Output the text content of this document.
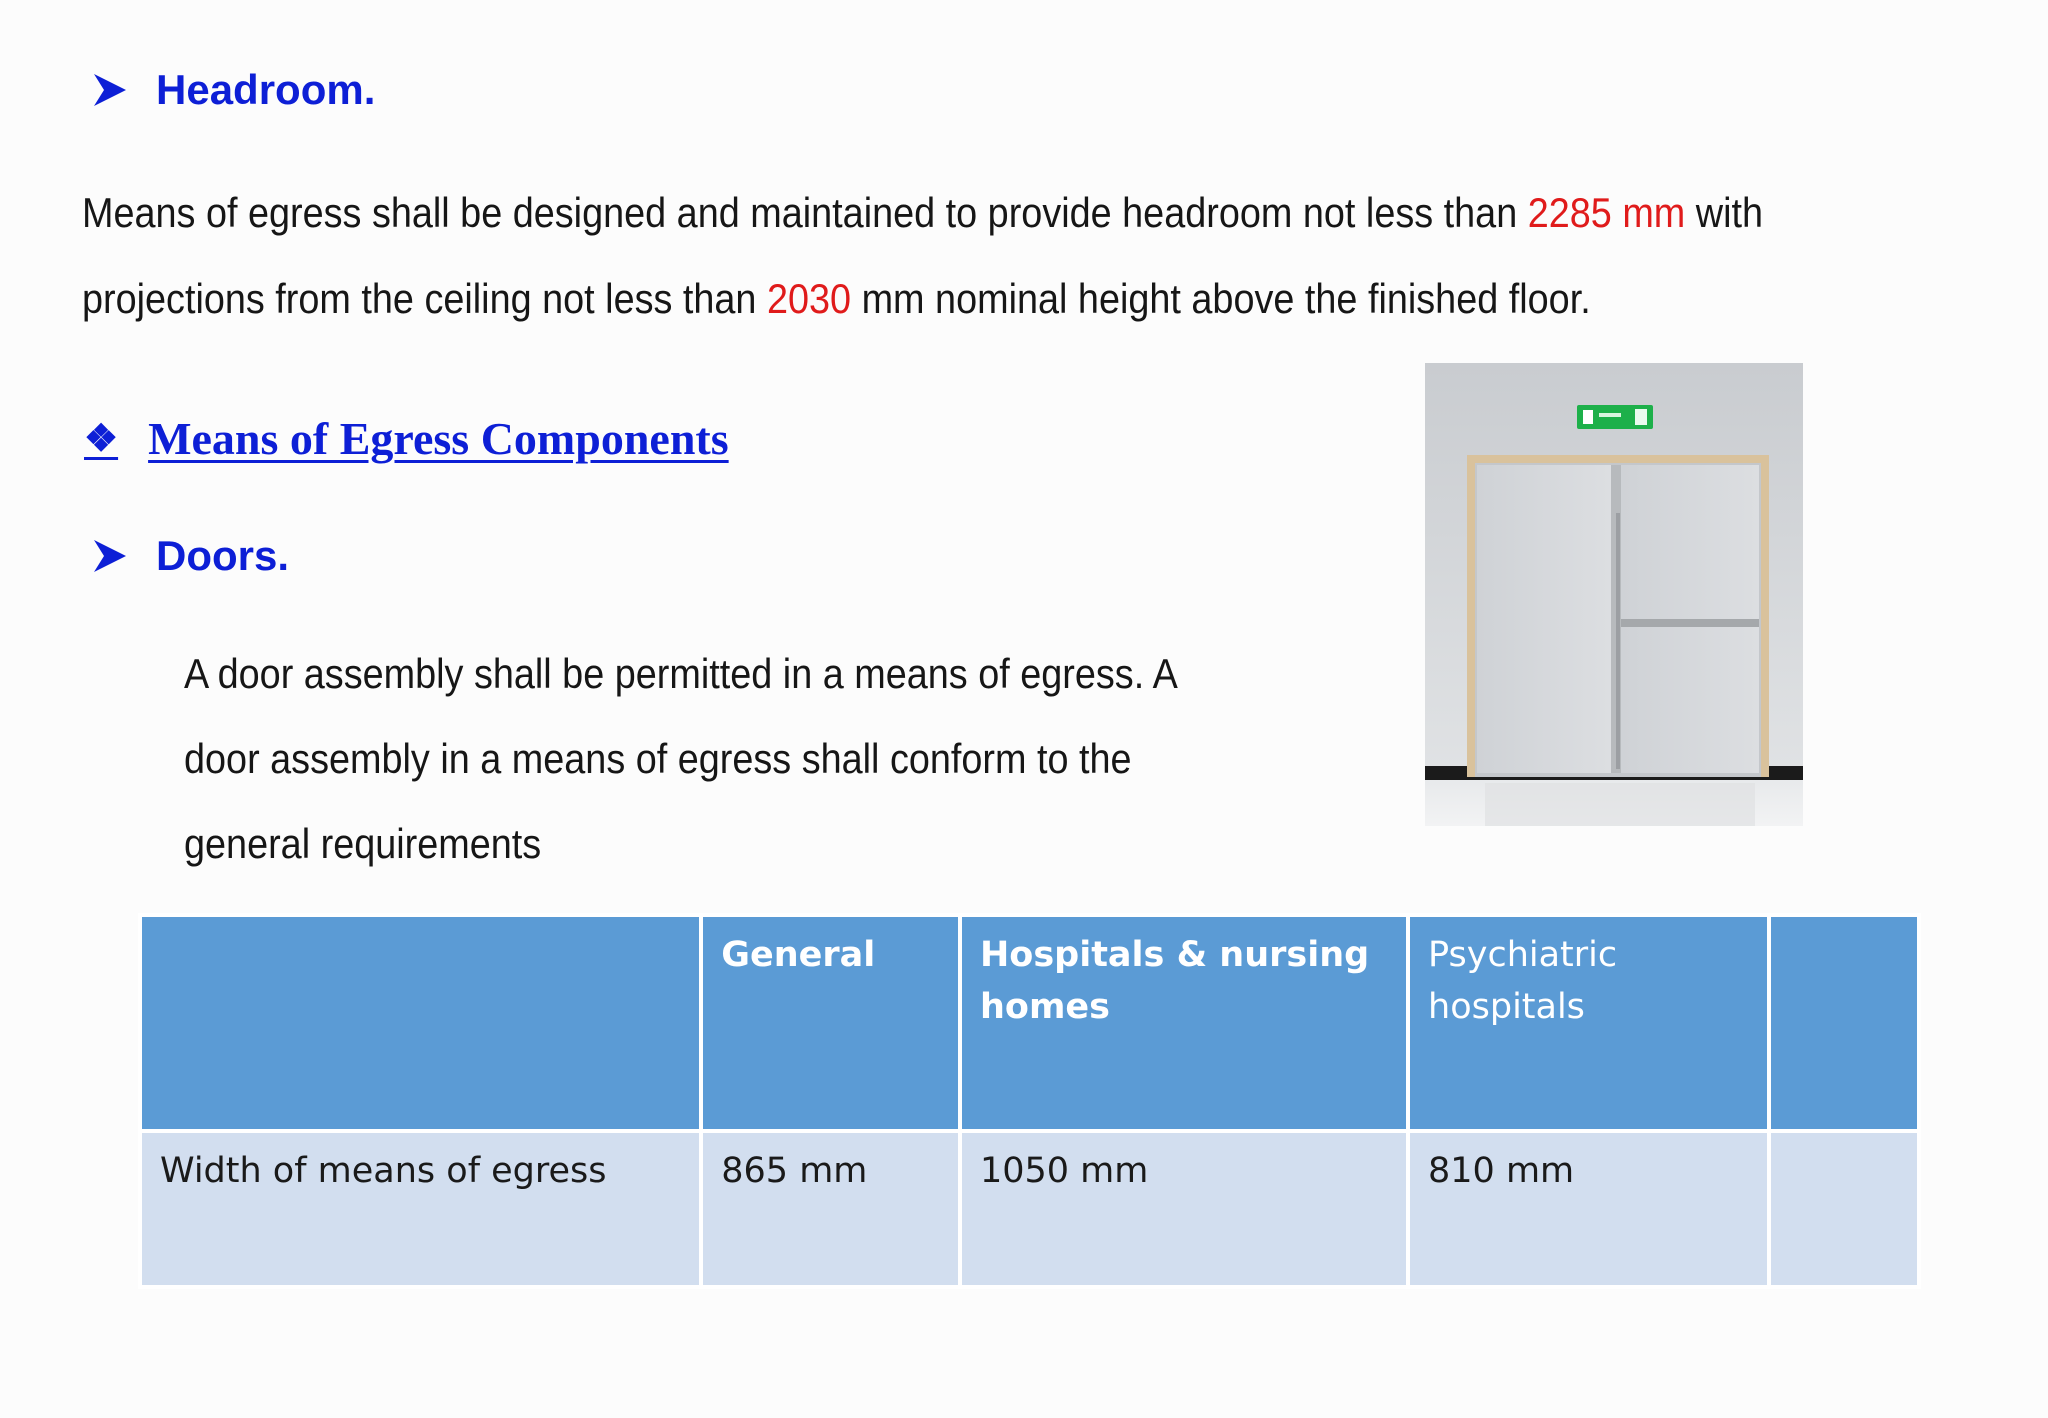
Headroom.
Means of egress shall be designed and maintained to provide headroom not less than 2285 mm with
projections from the ceiling not less than 2030 mm nominal height above the finished floor.
❖ Means of Egress Components
Doors.
A door assembly shall be permitted in a means of egress. A
door assembly in a means of egress shall conform to the
general requirements
	General	Hospitals & nursing homes	Psychiatric hospitals	
Width of means of egress	865 mm	1050 mm	810 mm	
